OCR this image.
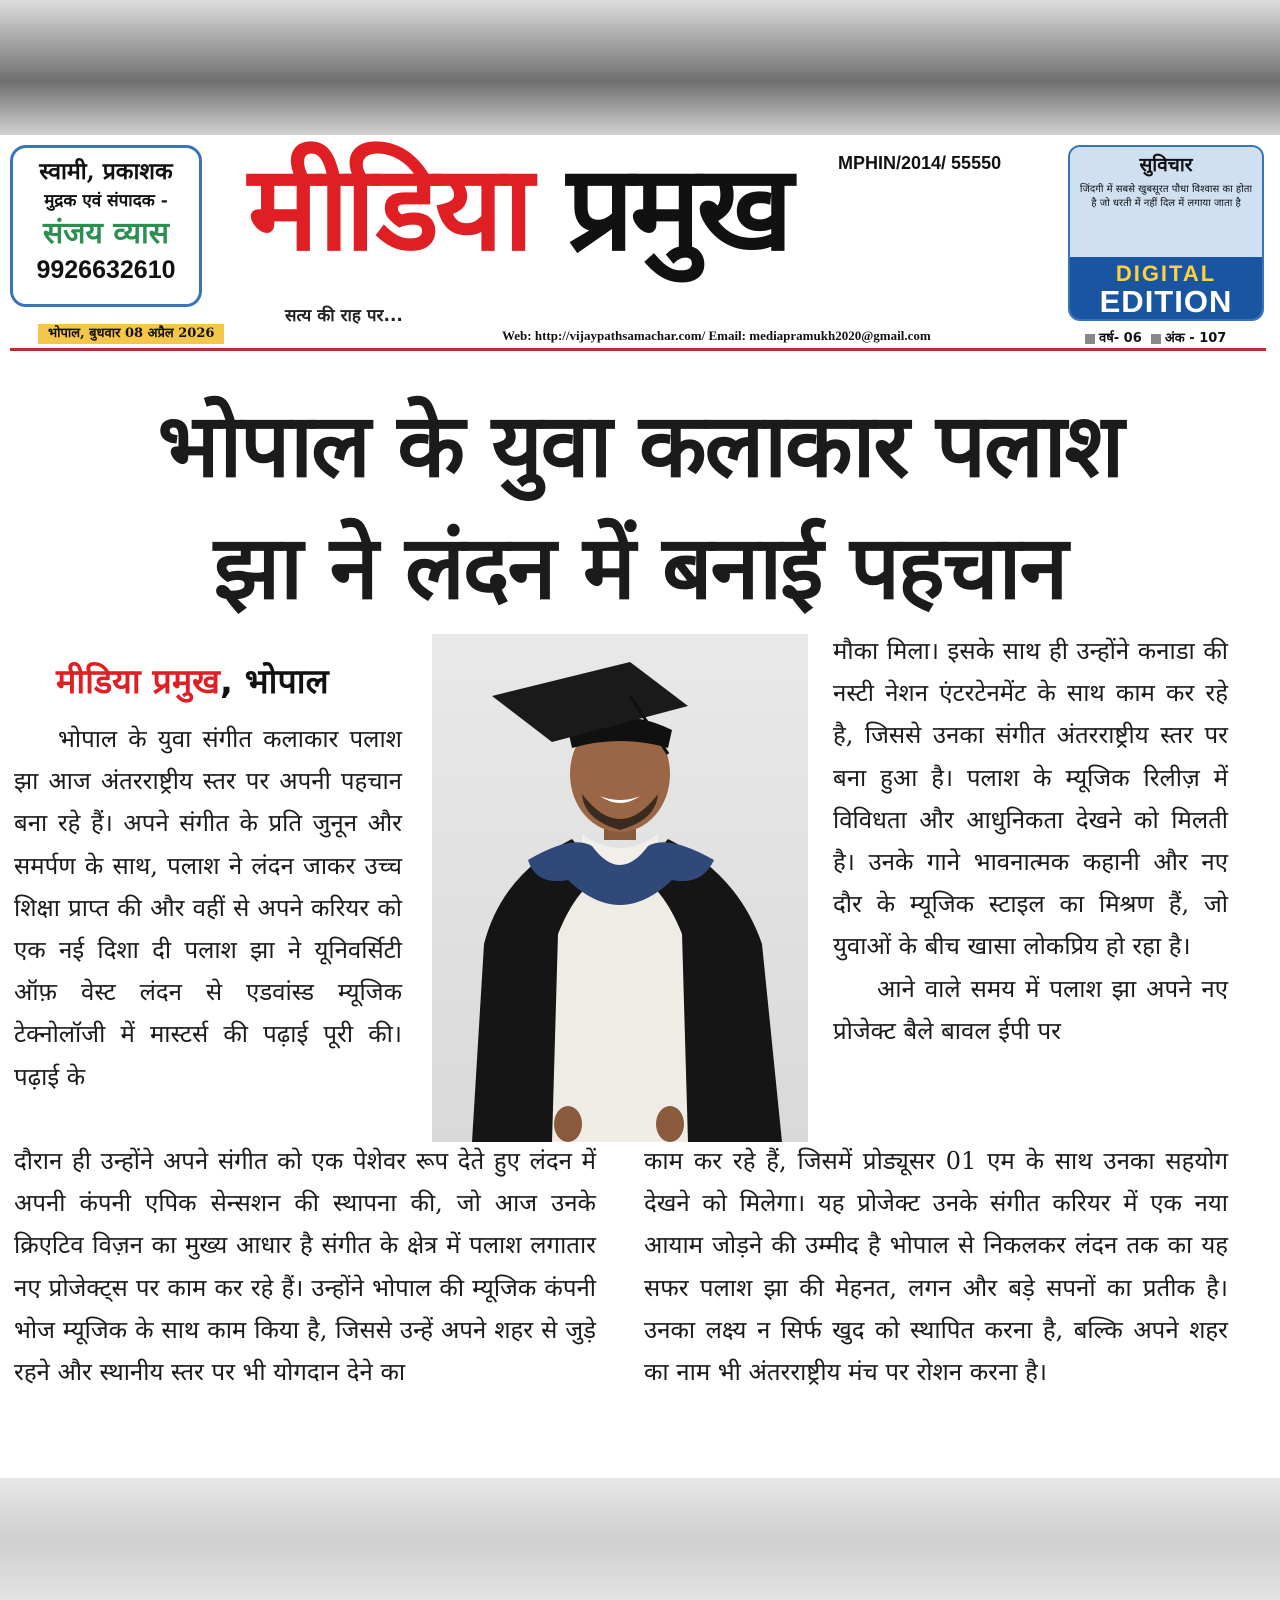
स्वामी, प्रकाशक
मुद्रक एवं संपादक -
संजय व्यास
9926632610 मीडिया प्रमुख	MPHIN/2014/ 55550
सत्य की राह पर...
सुविचार
जिंदगी में सबसे खुबसूरत पौधा विश्वास का होता है जो धरती में नहीं दिल में लगाया जाता है
DIGITAL
EDITION
भोपाल, बुधवार 08 अप्रैल 2026	Web: http://vijaypathsamachar.com/ Email: mediapramukh2020@gmail.com	वर्ष- 06 अंक - 107
भोपाल के युवा कलाकार पलाश
झा ने लंदन में बनाई पहचान
मीडिया प्रमुख, भोपाल

भोपाल के युवा संगीत कलाकार पलाश झा आज अंतरराष्ट्रीय स्तर पर अपनी पहचान बना रहे हैं। अपने संगीत के प्रति जुनून और समर्पण के साथ, पलाश ने लंदन जाकर उच्च शिक्षा प्राप्त की और वहीं से अपने करियर को एक नई दिशा दी पलाश झा ने यूनिवर्सिटी ऑफ़ वेस्ट लंदन से एडवांस्ड म्यूजिक टेक्नोलॉजी में मास्टर्स की पढ़ाई पूरी की। पढ़ाई के

मौका मिला। इसके साथ ही उन्होंने कनाडा की नस्टी नेशन एंटरटेनमेंट के साथ काम कर रहे है, जिससे उनका संगीत अंतरराष्ट्रीय स्तर पर बना हुआ है। पलाश के म्यूजिक रिलीज़ में विविधता और आधुनिकता देखने को मिलती है। उनके गाने भावनात्मक कहानी और नए दौर के म्यूजिक स्टाइल का मिश्रण हैं, जो युवाओं के बीच खासा लोकप्रिय हो रहा है।

आने वाले समय में पलाश झा अपने नए प्रोजेक्ट बैले बावल ईपी पर

दौरान ही उन्होंने अपने संगीत को एक पेशेवर रूप देते हुए लंदन में अपनी कंपनी एपिक सेन्सशन की स्थापना की, जो आज उनके क्रिएटिव विज़न का मुख्य आधार है संगीत के क्षेत्र में पलाश लगातार नए प्रोजेक्ट्स पर काम कर रहे हैं। उन्होंने भोपाल की म्यूजिक कंपनी भोज म्यूजिक के साथ काम किया है, जिससे उन्हें अपने शहर से जुड़े रहने और स्थानीय स्तर पर भी योगदान देने का

काम कर रहे हैं, जिसमें प्रोड्यूसर 01 एम के साथ उनका सहयोग देखने को मिलेगा। यह प्रोजेक्ट उनके संगीत करियर में एक नया आयाम जोड़ने की उम्मीद है भोपाल से निकलकर लंदन तक का यह सफर पलाश झा की मेहनत, लगन और बड़े सपनों का प्रतीक है। उनका लक्ष्य न सिर्फ खुद को स्थापित करना है, बल्कि अपने शहर का नाम भी अंतरराष्ट्रीय मंच पर रोशन करना है।
